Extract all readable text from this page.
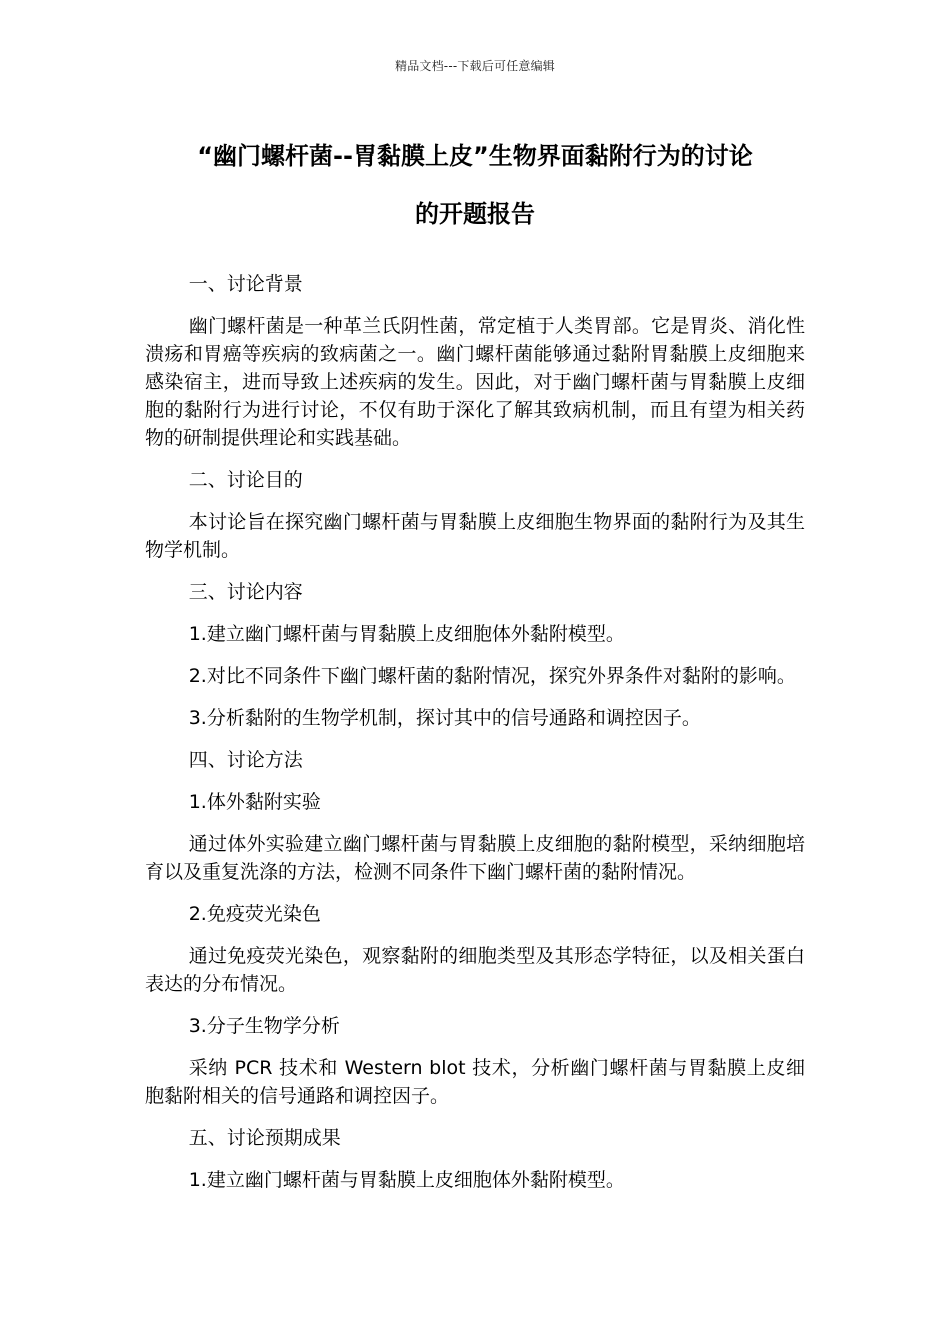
精品文档---下载后可任意编辑
“幽门螺杆菌--胃黏膜上皮”生物界面黏附行为的讨论
的开题报告
一、讨论背景

幽门螺杆菌是一种革兰氏阴性菌，常定植于人类胃部。它是胃炎、消化性溃疡和胃癌等疾病的致病菌之一。幽门螺杆菌能够通过黏附胃黏膜上皮细胞来感染宿主，进而导致上述疾病的发生。因此，对于幽门螺杆菌与胃黏膜上皮细胞的黏附行为进行讨论，不仅有助于深化了解其致病机制，而且有望为相关药物的研制提供理论和实践基础。

二、讨论目的

本讨论旨在探究幽门螺杆菌与胃黏膜上皮细胞生物界面的黏附行为及其生物学机制。

三、讨论内容

1.建立幽门螺杆菌与胃黏膜上皮细胞体外黏附模型。

2.对比不同条件下幽门螺杆菌的黏附情况，探究外界条件对黏附的影响。

3.分析黏附的生物学机制，探讨其中的信号通路和调控因子。

四、讨论方法

1.体外黏附实验

通过体外实验建立幽门螺杆菌与胃黏膜上皮细胞的黏附模型，采纳细胞培育以及重复洗涤的方法，检测不同条件下幽门螺杆菌的黏附情况。

2.免疫荧光染色

通过免疫荧光染色，观察黏附的细胞类型及其形态学特征，以及相关蛋白表达的分布情况。

3.分子生物学分析

采纳 PCR 技术和 Western blot 技术，分析幽门螺杆菌与胃黏膜上皮细胞黏附相关的信号通路和调控因子。

五、讨论预期成果

1.建立幽门螺杆菌与胃黏膜上皮细胞体外黏附模型。
